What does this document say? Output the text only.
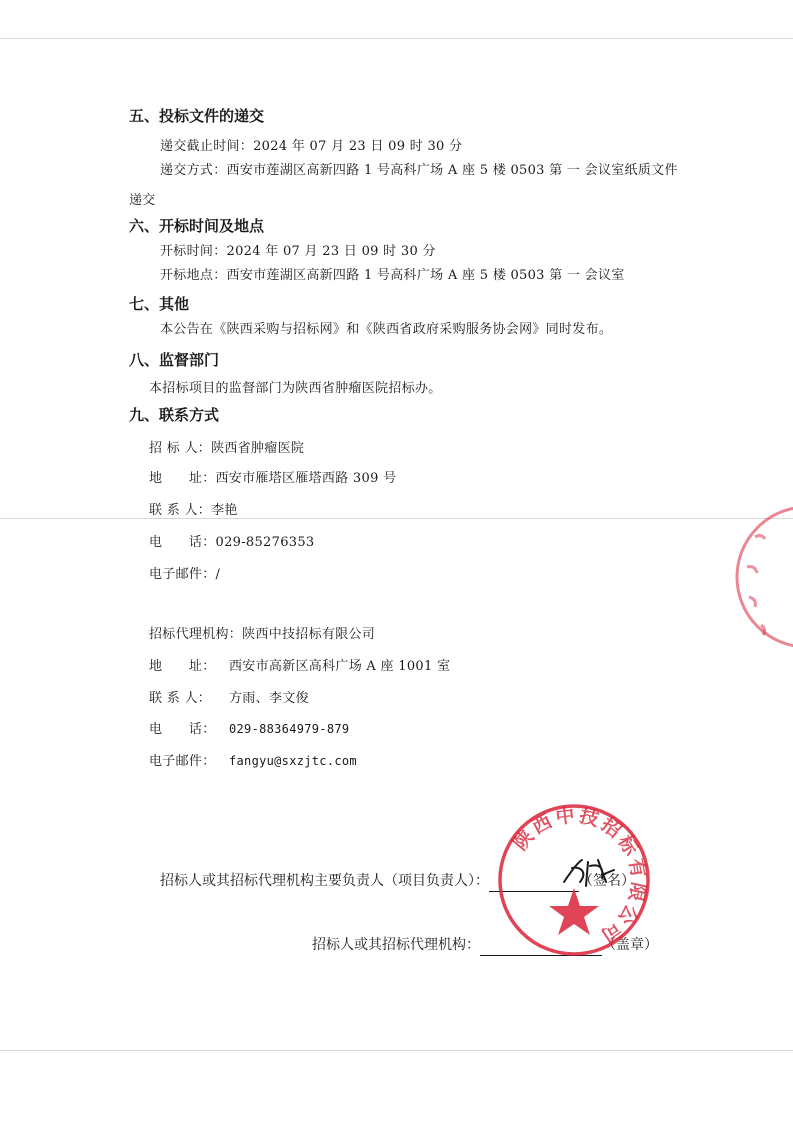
五、投标文件的递交
递交截止时间：2024 年 07 月 23 日 09 时 30 分
递交方式：西安市莲湖区高新四路 1 号高科广场 A 座 5 楼 0503 第 一 会议室纸质文件
递交
六、开标时间及地点
开标时间：2024 年 07 月 23 日 09 时 30 分
开标地点：西安市莲湖区高新四路 1 号高科广场 A 座 5 楼 0503 第 一 会议室
七、其他
本公告在《陕西采购与招标网》和《陕西省政府采购服务协会网》同时发布。
八、监督部门
本招标项目的监督部门为陕西省肿瘤医院招标办。
九、联系方式
招 标 人：陕西省肿瘤医院
地      址：西安市雁塔区雁塔西路 309 号
联 系 人：李艳
电      话：029-85276353
电子邮件：/
招标代理机构：陕西中技招标有限公司
地      址： 西安市高新区高科广场 A 座 1001 室
联 系 人： 方雨、李文俊
电      话： 029-88364979-879
电子邮件： fangyu@sxzjtc.com
招标人或其招标代理机构主要负责人（项目负责人）：	（签名）
招标人或其招标代理机构：	（盖章）
陕西中技招标有限公司
